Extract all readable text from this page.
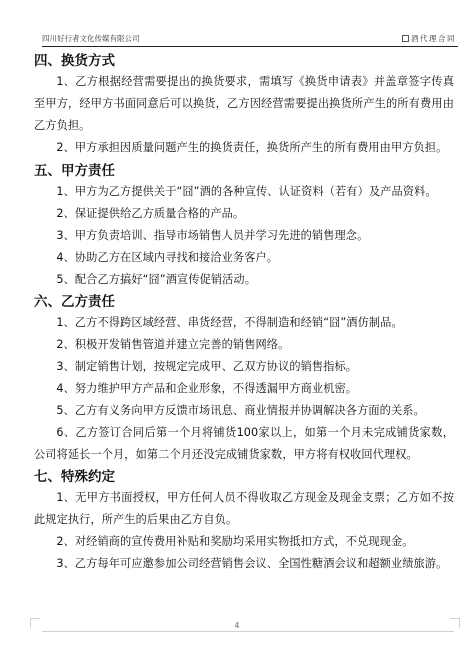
四川好行者文化传媒有限公司	酒代理合同
四、换货方式

1、乙方根据经营需要提出的换货要求，需填写《换货申请表》并盖章签字传真至甲方，经甲方书面同意后可以换货，乙方因经营需要提出换货所产生的所有费用由乙方负担。

2、甲方承担因质量问题产生的换货责任，换货所产生的所有费用由甲方负担。

五、甲方责任

1、甲方为乙方提供关于“囧”酒的各种宣传、认证资料（若有）及产品资料。

2、保证提供给乙方质量合格的产品。

3、甲方负责培训、指导市场销售人员并学习先进的销售理念。

4、协助乙方在区域内寻找和接洽业务客户。

5、配合乙方搞好“囧”酒宣传促销活动。

六、乙方责任

1、乙方不得跨区域经营、串货经营，不得制造和经销“囧”酒仿制品。

2、积极开发销售管道并建立完善的销售网络。

3、制定销售计划，按规定完成甲、乙双方协议的销售指标。

4、努力维护甲方产品和企业形象，不得透漏甲方商业机密。

5、乙方有义务向甲方反馈市场讯息、商业情报并协调解决各方面的关系。

6、乙方签订合同后第一个月将铺货100家以上，如第一个月未完成铺货家数，公司将延长一个月，如第二个月还没完成铺货家数，甲方将有权收回代理权。

七、特殊约定

1、无甲方书面授权，甲方任何人员不得收取乙方现金及现金支票；乙方如不按此规定执行，所产生的后果由乙方自负。

2、对经销商的宣传费用补贴和奖励均采用实物抵扣方式，不兑现现金。

3、乙方每年可应邀参加公司经营销售会议、全国性糖酒会议和超额业绩旅游。

4
